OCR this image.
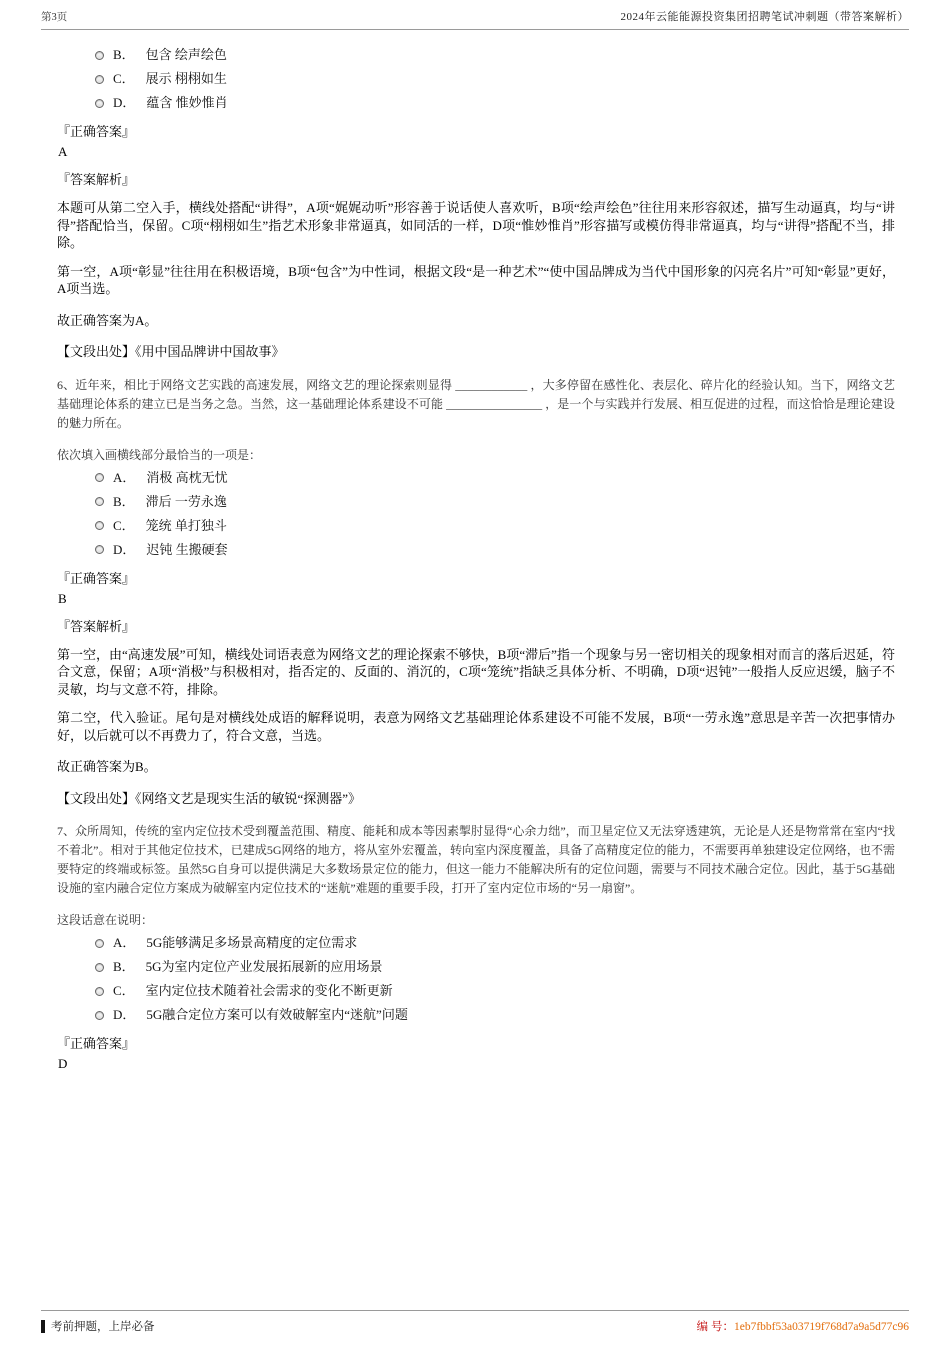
第3页	2024年云能能源投资集团招聘笔试冲刺题（带答案解析）
B． 包含 绘声绘色
C． 展示 栩栩如生
D． 蕴含 惟妙惟肖
『正确答案』
A
『答案解析』

本题可从第二空入手，横线处搭配“讲得”，A项“娓娓动听”形容善于说话使人喜欢听，B项“绘声绘色”往往用来形容叙述，描写生动逼真，均与“讲得”搭配恰当，保留。C项“栩栩如生”指艺术形象非常逼真，如同活的一样，D项“惟妙惟肖”形容描写或模仿得非常逼真，均与“讲得”搭配不当，排除。

第一空，A项“彰显”往往用在积极语境，B项“包含”为中性词，根据文段“是一种艺术”“使中国品牌成为当代中国形象的闪亮名片”可知“彰显”更好，A项当选。

故正确答案为A。

【文段出处】《用中国品牌讲中国故事》

6、近年来，相比于网络文艺实践的高速发展，网络文艺的理论探索则显得 ____________ ，大多停留在感性化、表层化、碎片化的经验认知。当下，网络文艺基础理论体系的建立已是当务之急。当然，这一基础理论体系建设不可能 ________________ ，是一个与实践并行发展、相互促进的过程，而这恰恰是理论建设的魅力所在。

依次填入画横线部分最恰当的一项是：

A． 消极 高枕无忧
B． 滞后 一劳永逸
C． 笼统 单打独斗
D． 迟钝 生搬硬套
『正确答案』
B
『答案解析』

第一空，由“高速发展”可知，横线处词语表意为网络文艺的理论探索不够快，B项“滞后”指一个现象与另一密切相关的现象相对而言的落后迟延，符合文意，保留；A项“消极”与积极相对，指否定的、反面的、消沉的，C项“笼统”指缺乏具体分析、不明确，D项“迟钝”一般指人反应迟缓，脑子不灵敏，均与文意不符，排除。

第二空，代入验证。尾句是对横线处成语的解释说明，表意为网络文艺基础理论体系建设不可能不发展，B项“一劳永逸”意思是辛苦一次把事情办好，以后就可以不再费力了，符合文意，当选。

故正确答案为B。

【文段出处】《网络文艺是现实生活的敏锐“探测器”》

7、众所周知，传统的室内定位技术受到覆盖范围、精度、能耗和成本等因素掣肘显得“心余力绌”，而卫星定位又无法穿透建筑，无论是人还是物常常在室内“找不着北”。相对于其他定位技术，已建成5G网络的地方，将从室外宏覆盖，转向室内深度覆盖，具备了高精度定位的能力，不需要再单独建设定位网络，也不需要特定的终端或标签。虽然5G自身可以提供满足大多数场景定位的能力，但这一能力不能解决所有的定位问题，需要与不同技术融合定位。因此，基于5G基础设施的室内融合定位方案成为破解室内定位技术的“迷航”难题的重要手段，打开了室内定位市场的“另一扇窗”。

这段话意在说明：

A． 5G能够满足多场景高精度的定位需求
B． 5G为室内定位产业发展拓展新的应用场景
C． 室内定位技术随着社会需求的变化不断更新
D． 5G融合定位方案可以有效破解室内“迷航”问题
『正确答案』
D
考前押题，上岸必备	编 号：1eb7fbbf53a03719f768d7a9a5d77c96
